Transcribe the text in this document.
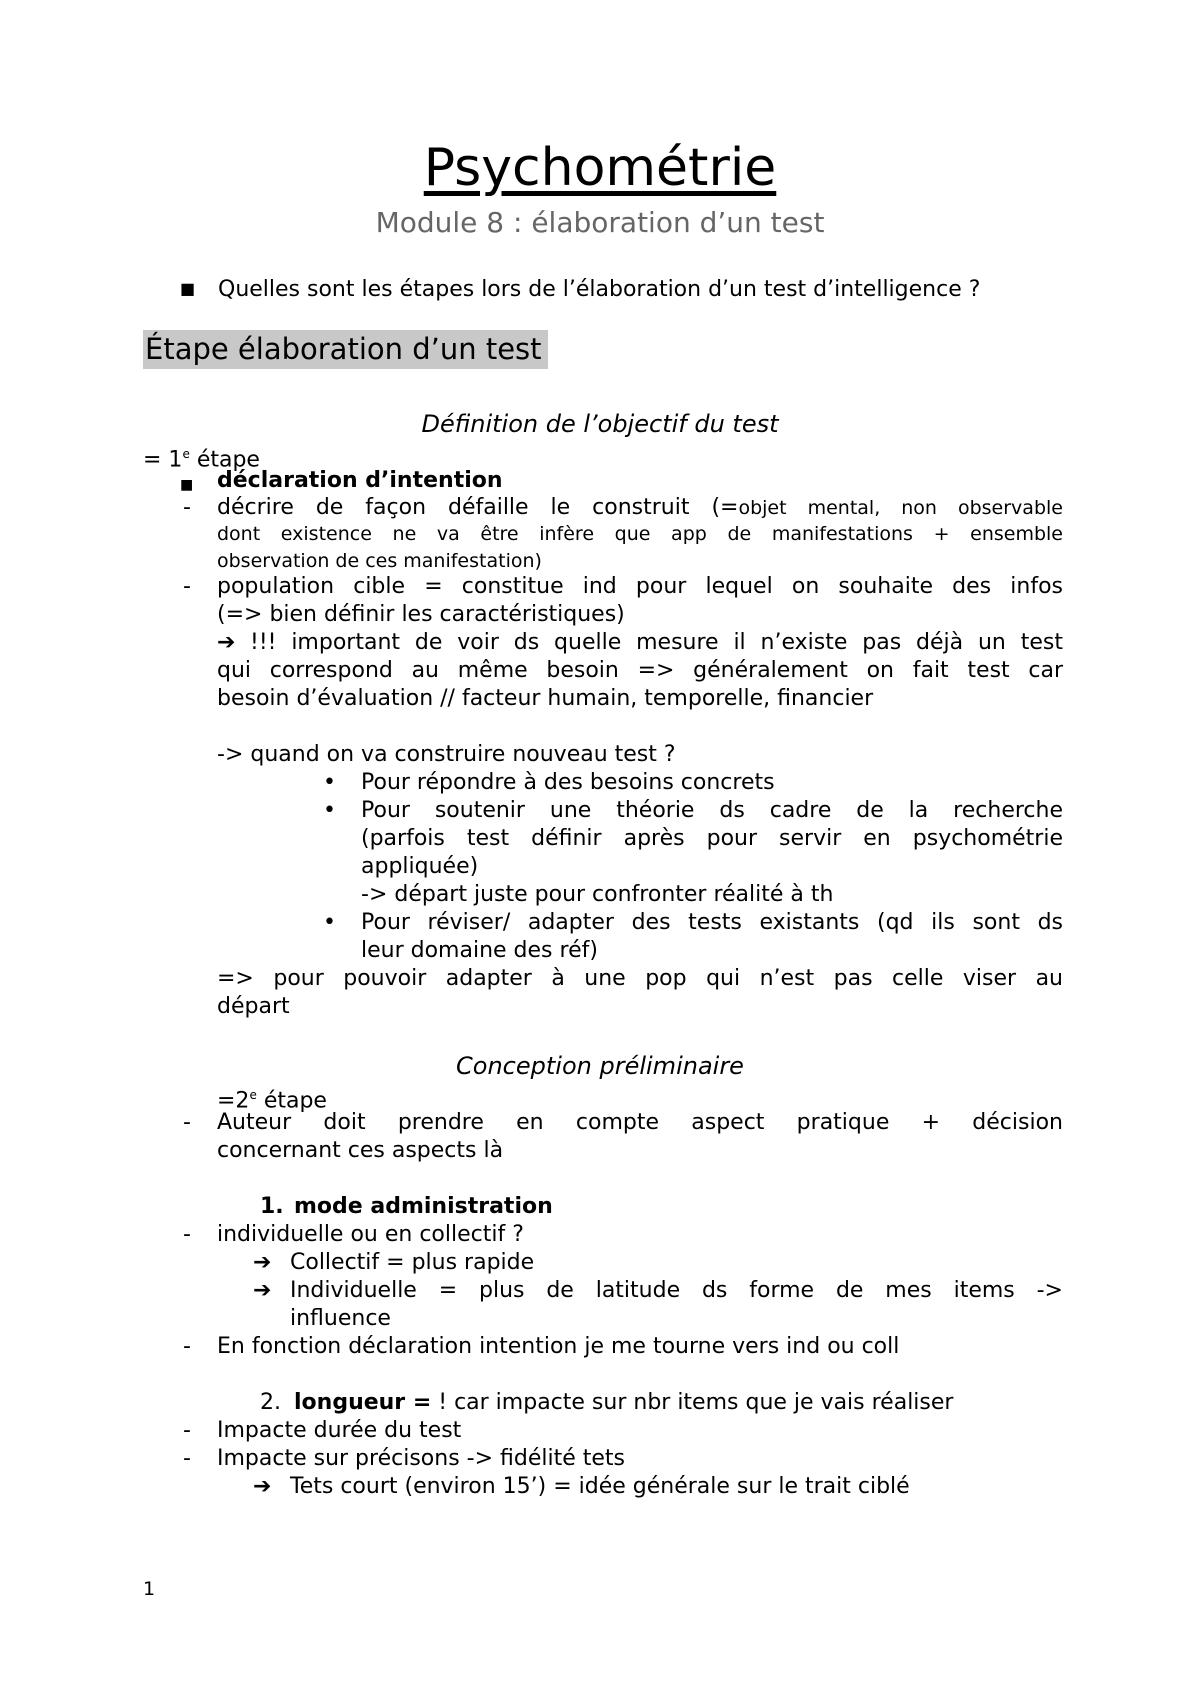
Psychométrie
Module 8 : élaboration d’un test
■ Quelles sont les étapes lors de l’élaboration d’un test d’intelligence ?
Étape élaboration d’un test
Définition de l’objectif du test
= $1^e$ étape
■ déclaration d’intention
- décrire de façon défaille le construit (=objet mental, non observable
dont existence ne va être infère que app de manifestations + ensemble
observation de ces manifestation)
- population cible = constitue ind pour lequel on souhaite des infos
(=> bien définir les caractéristiques)
➔ !!! important de voir ds quelle mesure il n’existe pas déjà un test
qui correspond au même besoin => généralement on fait test car
besoin d’évaluation // facteur humain, temporelle, financier
-> quand on va construire nouveau test ?
• Pour répondre à des besoins concrets
• Pour soutenir une théorie ds cadre de la recherche
(parfois test définir après pour servir en psychométrie
appliquée)
-> départ juste pour confronter réalité à th
• Pour réviser/ adapter des tests existants (qd ils sont ds
leur domaine des réf)
=> pour pouvoir adapter à une pop qui n’est pas celle viser au
départ
$=2^e$ étape
- Auteur doit prendre en compte aspect pratique + décision
concernant ces aspects là
1. mode administration
- individuelle ou en collectif ?
➔ Collectif = plus rapide
➔ Individuelle = plus de latitude ds forme de mes items ->
influence
- En fonction déclaration intention je me tourne vers ind ou coll
2. longueur = ! car impacte sur nbr items que je vais réaliser
- Impacte durée du test
- Impacte sur précisons -> fidélité tets
➔ Tets court (environ 15’) = idée générale sur le trait ciblé
Conception préliminaire
1
